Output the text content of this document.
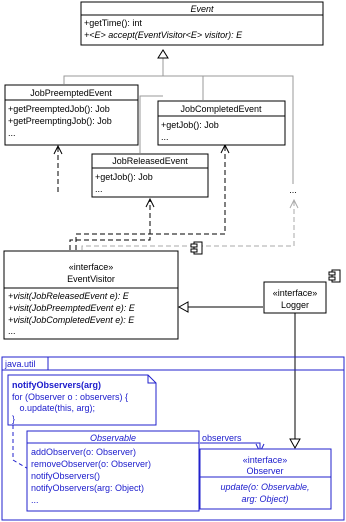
Event
+getTime(): int
+<E> accept(EventVisitor<E> visitor): E
JobPreemptedEvent
+getPreemptedJob(): Job
+getPreemptingJob(): Job
...
JobCompletedEvent
+getJob(): Job
...
JobReleasedEvent
+getJob(): Job
...	...
«interface»
EventVisitor
+visit(JobReleasedEvent e): E
+visit(JobPreemptedEvent e): E
+visit(JobCompletedEvent e): E
...
«interface»
Logger
java.util
notifyObservers(arg)
for (Observer o : observers) {
o.update(this, arg);
}
Observable
addObserver(o: Observer)
removeObserver(o: Observer)
notifyObservers()
notifyObservers(arg: Object)
...
observers
«interface»
Observer
update(o: Observable,
arg: Object)
